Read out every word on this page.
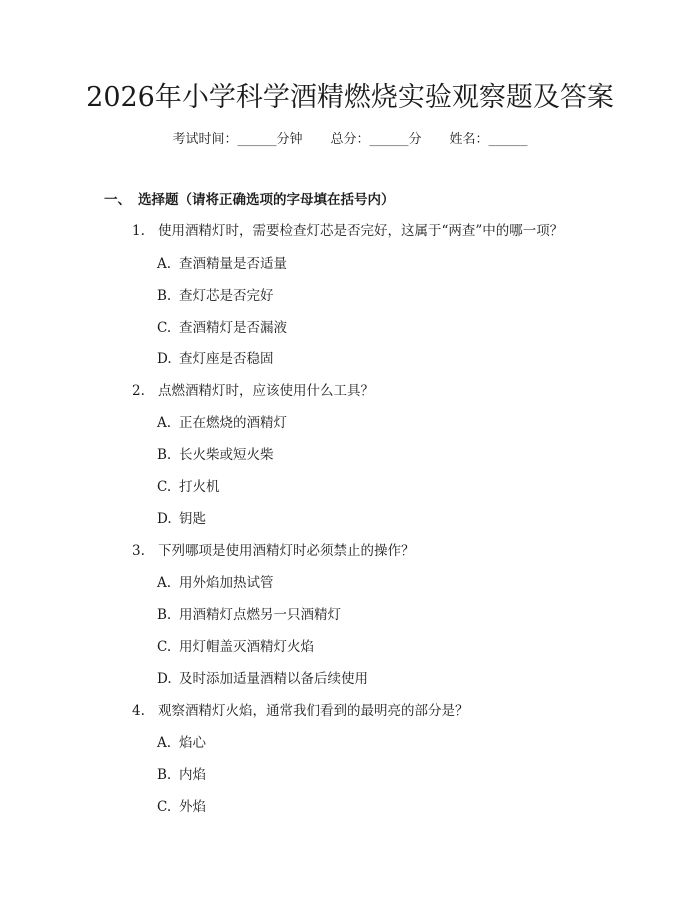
2026年小学科学酒精燃烧实验观察题及答案
考试时间：______分钟 总分：______分 姓名：______
一、 选择题（请将正确选项的字母填在括号内）
1. 使用酒精灯时，需要检查灯芯是否完好，这属于“两查”中的哪一项？
A. 查酒精量是否适量
B. 查灯芯是否完好
C. 查酒精灯是否漏液
D. 查灯座是否稳固
2. 点燃酒精灯时，应该使用什么工具？
A. 正在燃烧的酒精灯
B. 长火柴或短火柴
C. 打火机
D. 钥匙
3. 下列哪项是使用酒精灯时必须禁止的操作？
A. 用外焰加热试管
B. 用酒精灯点燃另一只酒精灯
C. 用灯帽盖灭酒精灯火焰
D. 及时添加适量酒精以备后续使用
4. 观察酒精灯火焰，通常我们看到的最明亮的部分是？
A. 焰心
B. 内焰
C. 外焰
